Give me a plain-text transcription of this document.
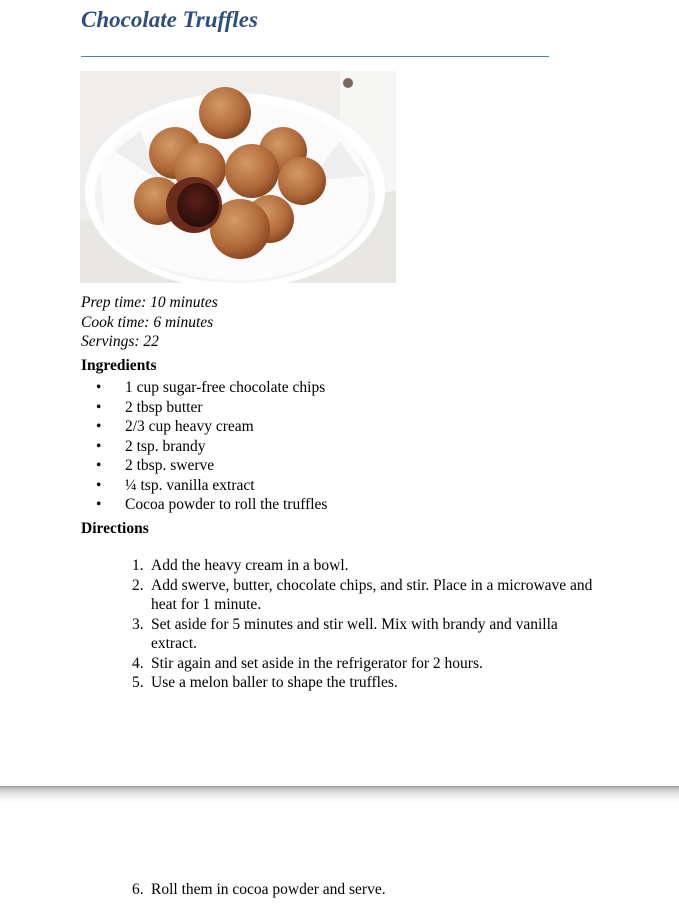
Chocolate Truffles
Prep time: 10 minutes
Cook time: 6 minutes
Servings: 22
Ingredients
• 1 cup sugar-free chocolate chips
• 2 tbsp butter
• 2/3 cup heavy cream
• 2 tsp. brandy
• 2 tbsp. swerve
• ¼ tsp. vanilla extract
• Cocoa powder to roll the truffles
Directions
1. Add the heavy cream in a bowl.
2. Add swerve, butter, chocolate chips, and stir. Place in a microwave and heat for 1 minute.
3. Set aside for 5 minutes and stir well. Mix with brandy and vanilla extract.
4. Stir again and set aside in the refrigerator for 2 hours.
5. Use a melon baller to shape the truffles.
6. Roll them in cocoa powder and serve.
